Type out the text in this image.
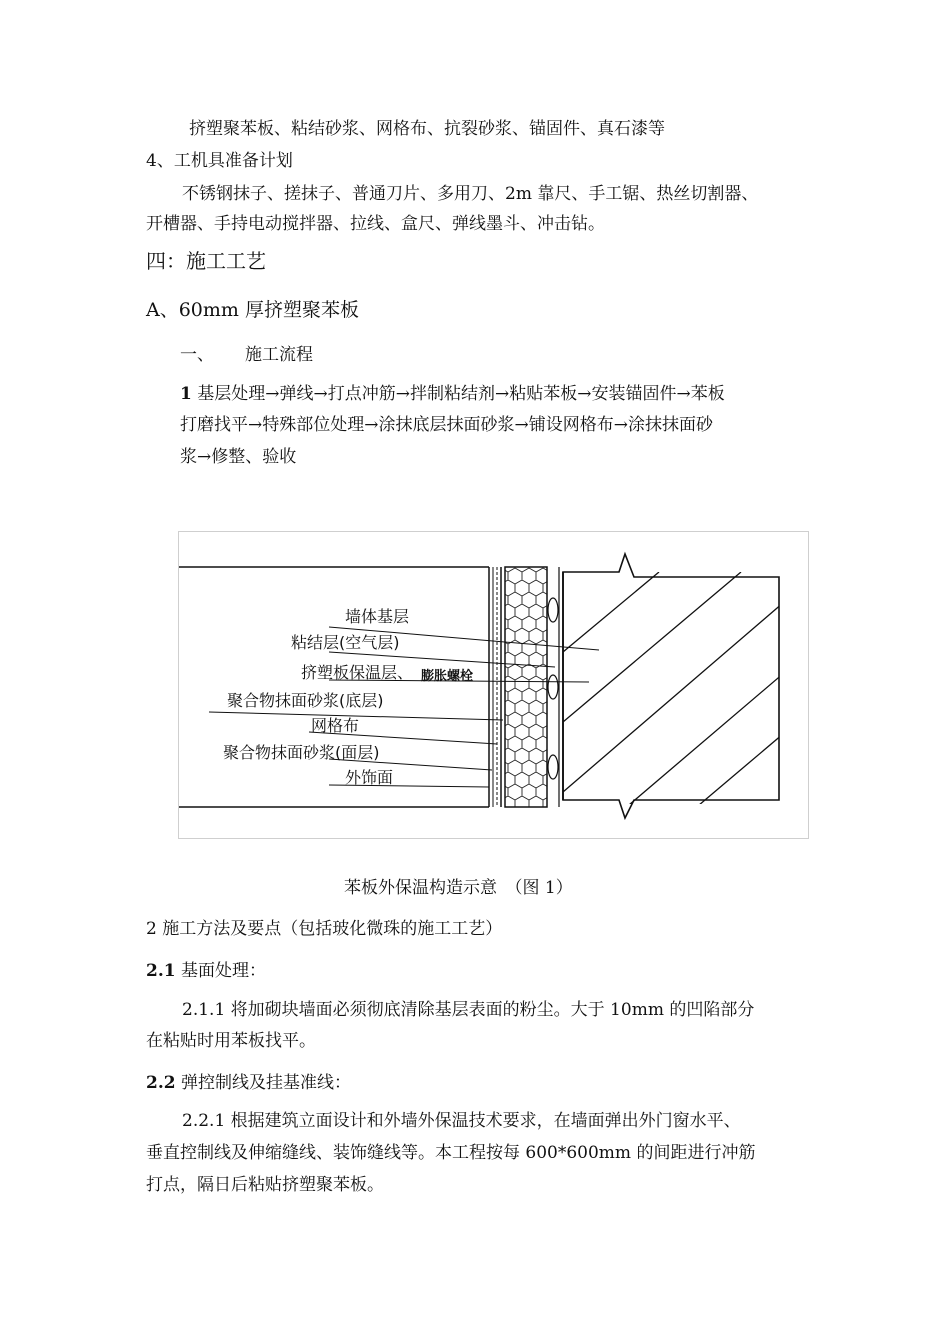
挤塑聚苯板、粘结砂浆、网格布、抗裂砂浆、锚固件、真石漆等
4、工机具准备计划
不锈钢抹子、搓抹子、普通刀片、多用刀、2m 靠尺、手工锯、热丝切割器、
开槽器、手持电动搅拌器、拉线、盒尺、弹线墨斗、冲击钻。
四：施工工艺
A、60mm 厚挤塑聚苯板
一、 施工流程
1 基层处理→弹线→打点冲筋→拌制粘结剂→粘贴苯板→安装锚固件→苯板
打磨找平→特殊部位处理→涂抹底层抹面砂浆→铺设网格布→涂抹抹面砂
浆→修整、验收
墙体基层
粘结层(空气层)
挤塑板保温层、 膨胀螺栓
聚合物抹面砂浆(底层)
网格布
聚合物抹面砂浆(面层)
外饰面
苯板外保温构造示意　（图 1）
2 施工方法及要点（包括玻化微珠的施工工艺）
2.1 基面处理：
2.1.1 将加砌块墙面必须彻底清除基层表面的粉尘。大于 10mm 的凹陷部分
在粘贴时用苯板找平。
2.2 弹控制线及挂基准线：
2.2.1 根据建筑立面设计和外墙外保温技术要求，在墙面弹出外门窗水平、
垂直控制线及伸缩缝线、装饰缝线等。本工程按每 600*600mm 的间距进行冲筋
打点，隔日后粘贴挤塑聚苯板。
